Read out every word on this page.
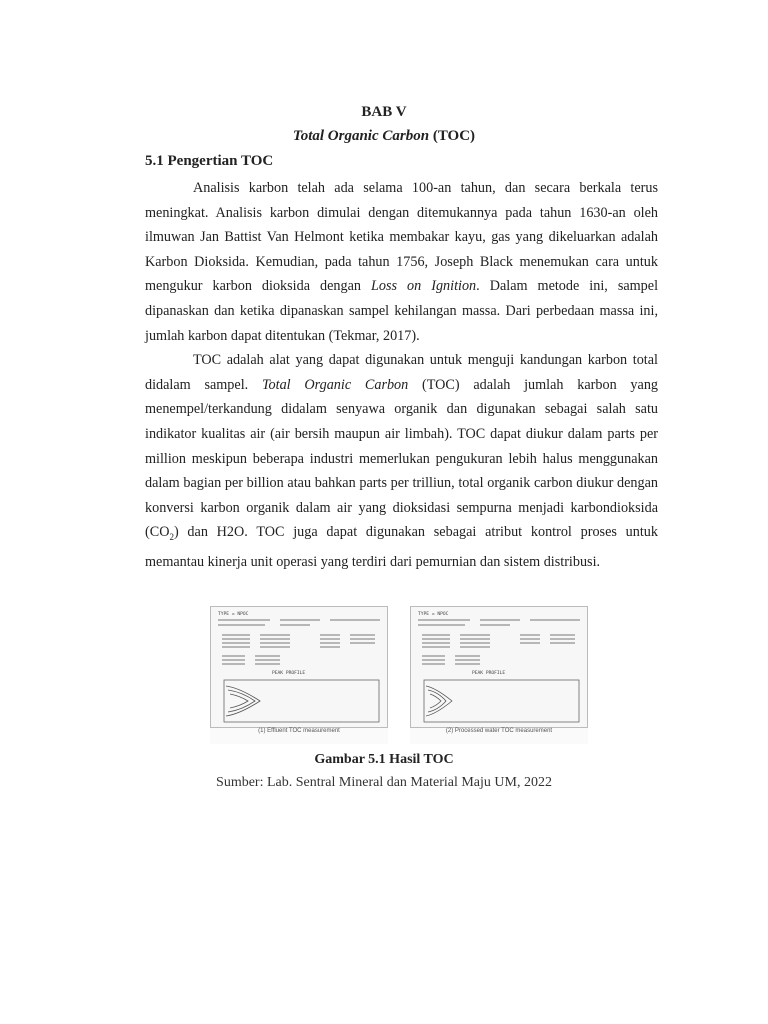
BAB V
Total Organic Carbon (TOC)
5.1 Pengertian TOC

Analisis karbon telah ada selama 100-an tahun, dan secara berkala terus meningkat. Analisis karbon dimulai dengan ditemukannya pada tahun 1630-an oleh ilmuwan Jan Battist Van Helmont ketika membakar kayu, gas yang dikeluarkan adalah Karbon Dioksida. Kemudian, pada tahun 1756, Joseph Black menemukan cara untuk mengukur karbon dioksida dengan Loss on Ignition. Dalam metode ini, sampel dipanaskan dan ketika dipanaskan sampel kehilangan massa. Dari perbedaan massa ini, jumlah karbon dapat ditentukan (Tekmar, 2017).

TOC adalah alat yang dapat digunakan untuk menguji kandungan karbon total didalam sampel. Total Organic Carbon (TOC) adalah jumlah karbon yang menempel/terkandung didalam senyawa organik dan digunakan sebagai salah satu indikator kualitas air (air bersih maupun air limbah). TOC dapat diukur dalam parts per million meskipun beberapa industri memerlukan pengukuran lebih halus menggunakan dalam bagian per billion atau bahkan parts per trilliun, total organik carbon diukur dengan konversi karbon organik dalam air yang dioksidasi sempurna menjadi karbondioksida $(CO_2)$ dan H2O. TOC juga dapat digunakan sebagai atribut kontrol proses untuk memantau kinerja unit operasi yang terdiri dari pemurnian dan sistem distribusi.

TYPE = NPOC
PEAK PROFILE
(1) Effluent TOC measurement
TYPE = NPOC
PEAK PROFILE
(2) Processed water TOC measurement
Gambar 5.1 Hasil TOC
Sumber: Lab. Sentral Mineral dan Material Maju UM, 2022
